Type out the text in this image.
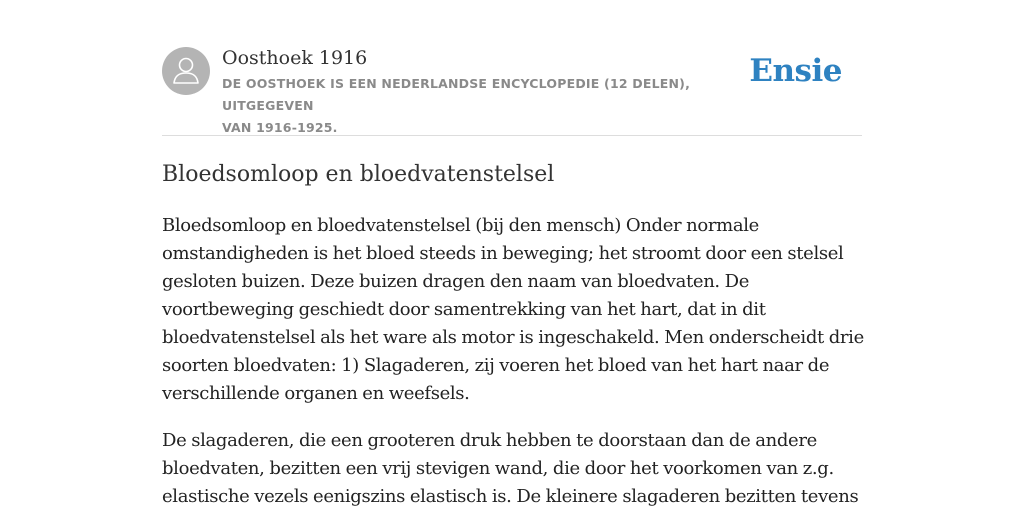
Oosthoek 1916
DE OOSTHOEK IS EEN NEDERLANDSE ENCYCLOPEDIE (12 DELEN), UITGEGEVEN
VAN 1916-1925.
Ensie
Bloedsomloop en bloedvatenstelsel

Bloedsomloop en bloedvatenstelsel (bij den mensch) Onder normale
omstandigheden is het bloed steeds in beweging; het stroomt door een stelsel
gesloten buizen. Deze buizen dragen den naam van bloedvaten. De
voortbeweging geschiedt door samentrekking van het hart, dat in dit
bloedvatenstelsel als het ware als motor is ingeschakeld. Men onderscheidt drie
soorten bloedvaten: 1) Slagaderen, zij voeren het bloed van het hart naar de
verschillende organen en weefsels.

De slagaderen, die een grooteren druk hebben te doorstaan dan de andere
bloedvaten, bezitten een vrij stevigen wand, die door het voorkomen van z.g.
elastische vezels eenigszins elastisch is. De kleinere slagaderen bezitten tevens
